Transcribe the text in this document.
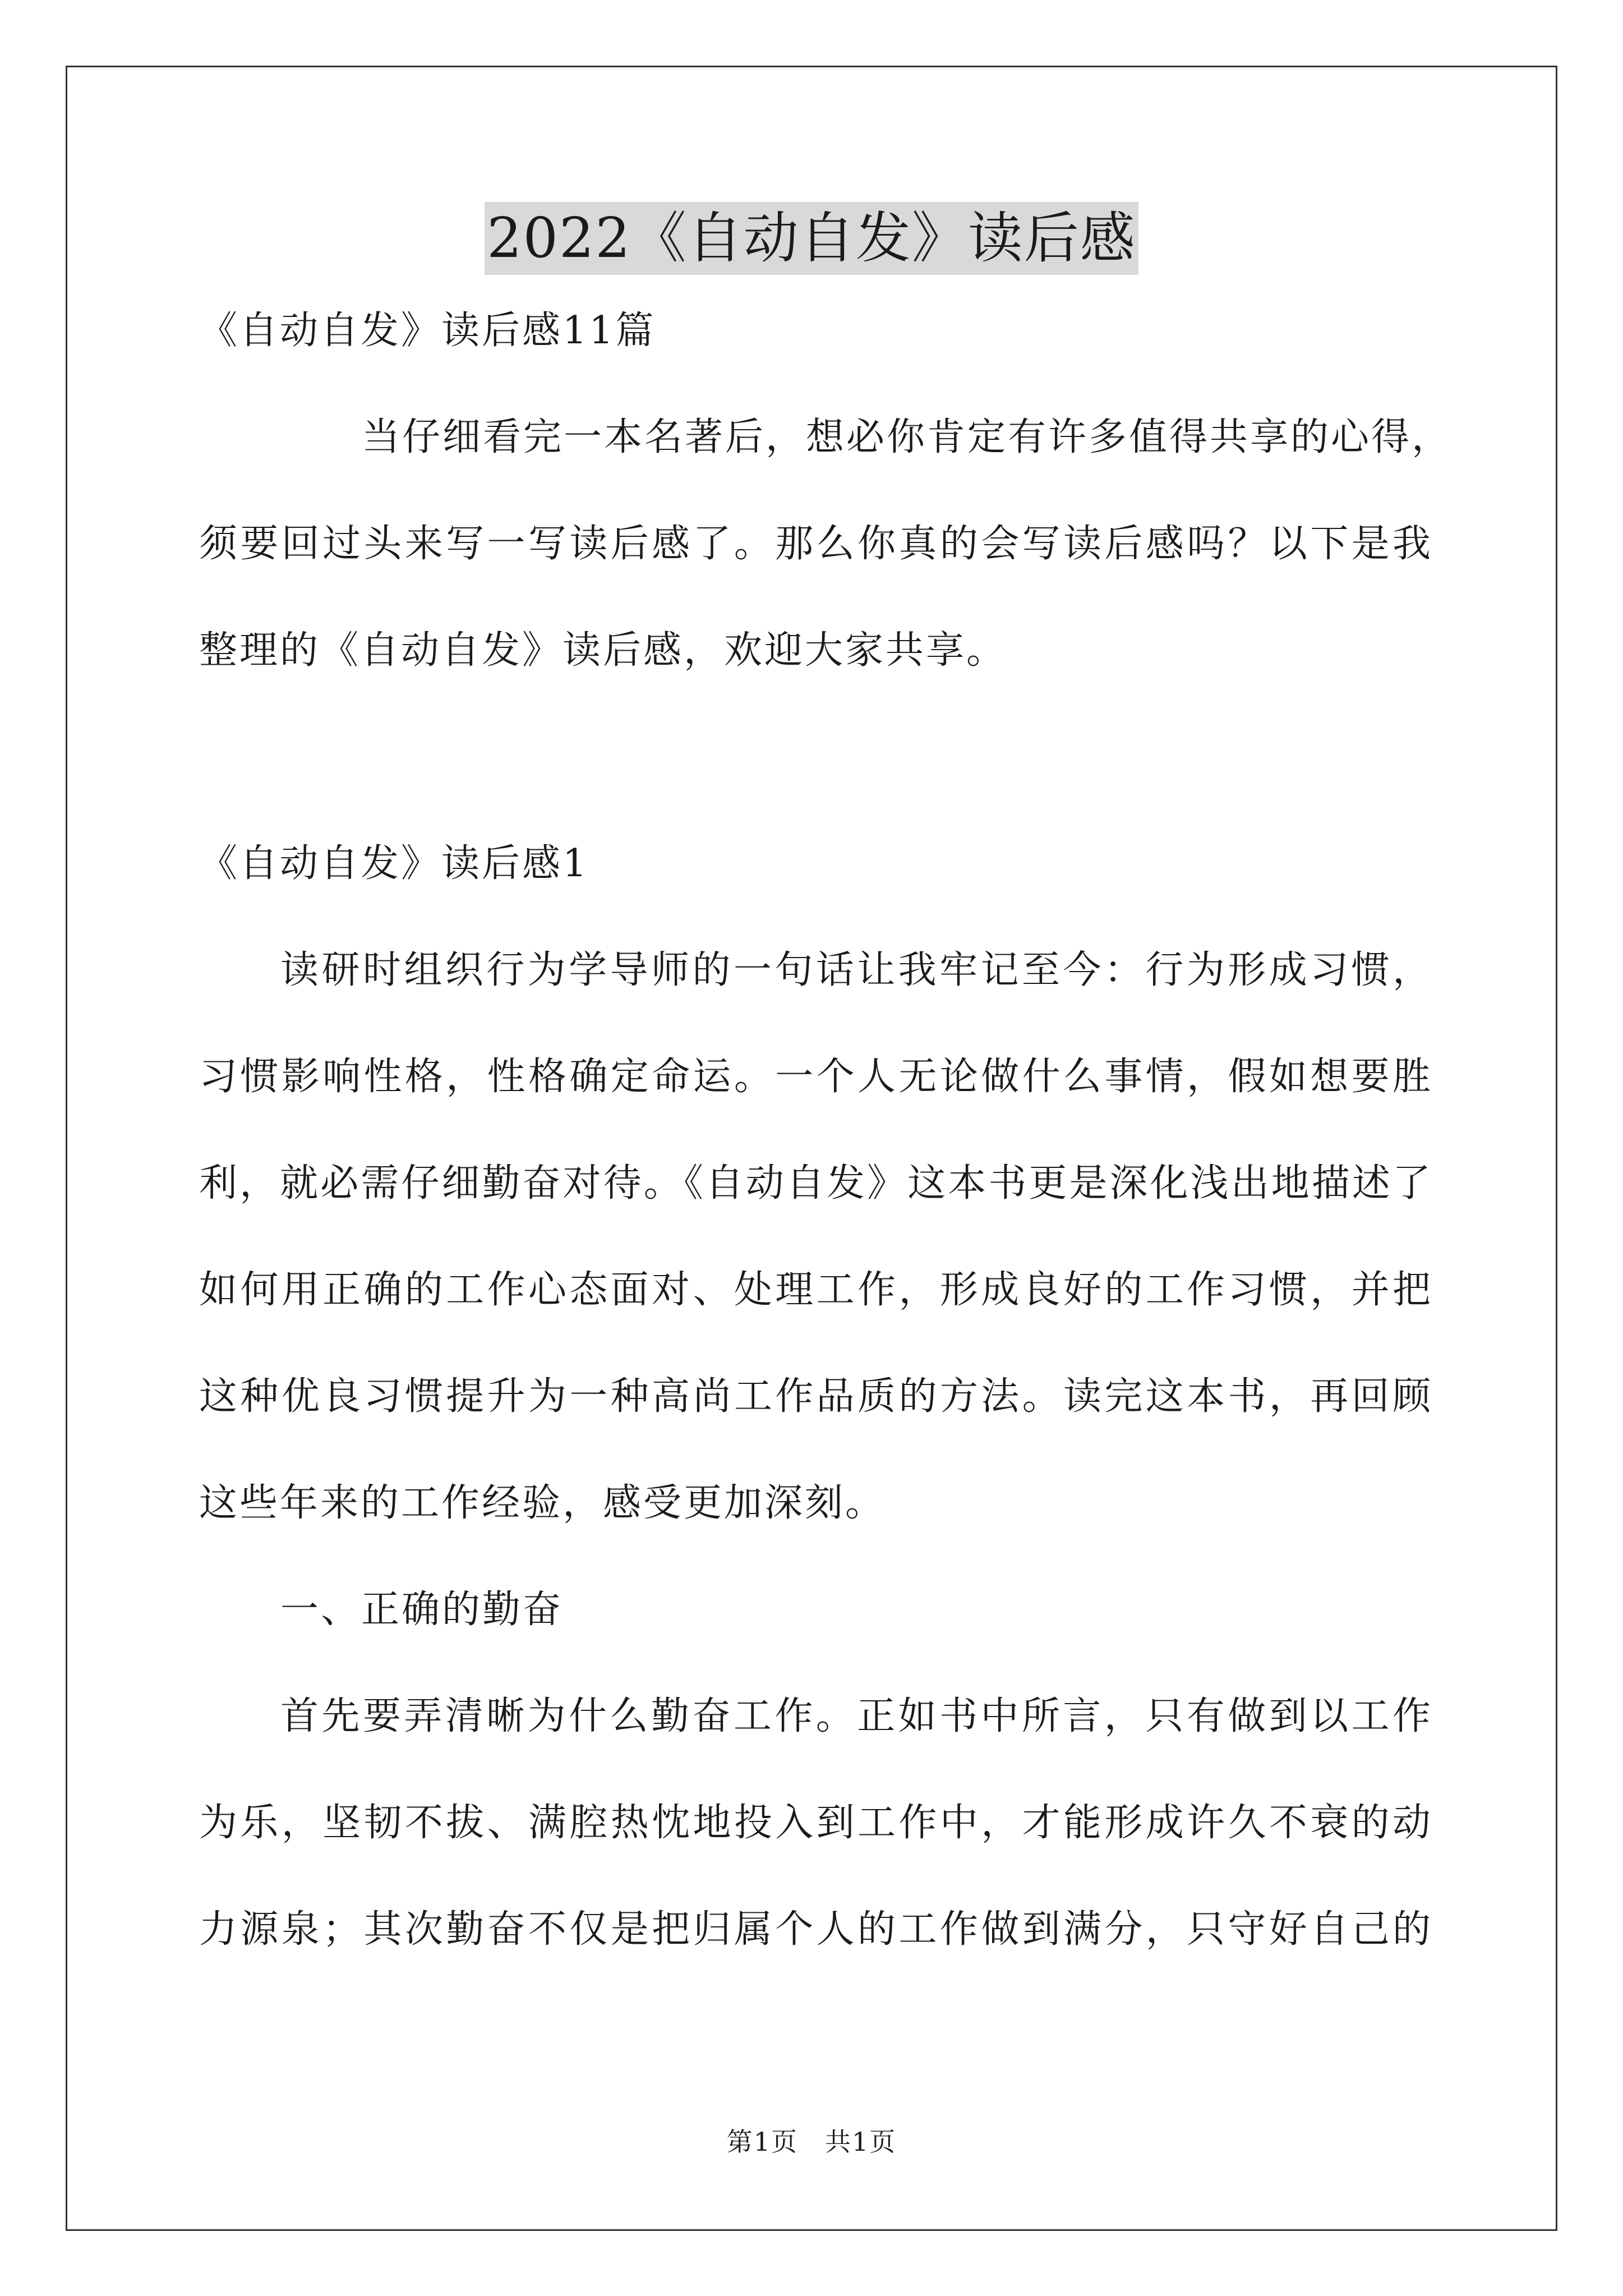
2022《自动自发》读后感
《自动自发》读后感11篇
当仔细看完一本名著后，想必你肯定有许多值得共享的心得，
须要回过头来写一写读后感了。那么你真的会写读后感吗？以下是我
整理的《自动自发》读后感，欢迎大家共享。
《自动自发》读后感1
读研时组织行为学导师的一句话让我牢记至今：行为形成习惯，
习惯影响性格，性格确定命运。一个人无论做什么事情，假如想要胜
利，就必需仔细勤奋对待。《自动自发》这本书更是深化浅出地描述了
如何用正确的工作心态面对、处理工作，形成良好的工作习惯，并把
这种优良习惯提升为一种高尚工作品质的方法。读完这本书，再回顾
这些年来的工作经验，感受更加深刻。
一、正确的勤奋
首先要弄清晰为什么勤奋工作。正如书中所言，只有做到以工作
为乐，坚韧不拔、满腔热忱地投入到工作中，才能形成许久不衰的动
力源泉；其次勤奋不仅是把归属个人的工作做到满分，只守好自己的
第1页　共1页
